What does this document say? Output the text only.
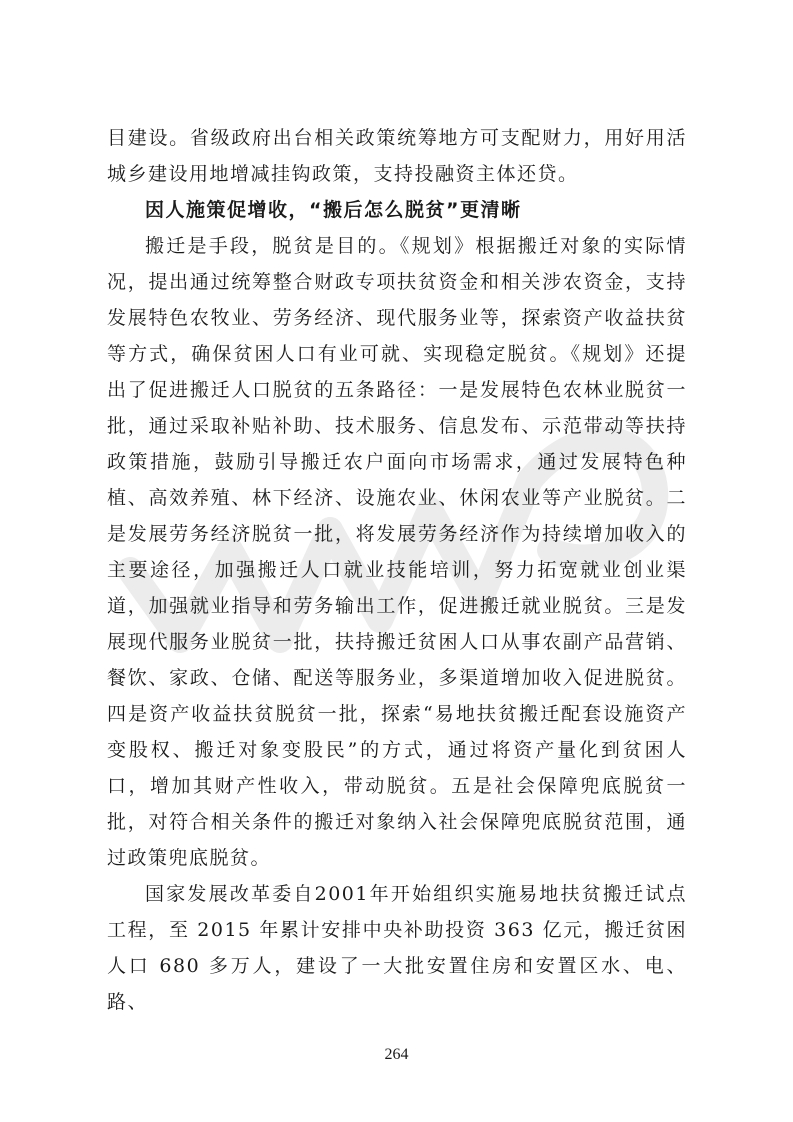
目建设。省级政府出台相关政策统筹地方可支配财力，用好用活城乡建设用地增减挂钩政策，支持投融资主体还贷。

因人施策促增收，“搬后怎么脱贫”更清晰

搬迁是手段，脱贫是目的。《规划》根据搬迁对象的实际情况，提出通过统筹整合财政专项扶贫资金和相关涉农资金，支持发展特色农牧业、劳务经济、现代服务业等，探索资产收益扶贫等方式，确保贫困人口有业可就、实现稳定脱贫。《规划》还提出了促进搬迁人口脱贫的五条路径：一是发展特色农林业脱贫一批，通过采取补贴补助、技术服务、信息发布、示范带动等扶持政策措施，鼓励引导搬迁农户面向市场需求，通过发展特色种植、高效养殖、林下经济、设施农业、休闲农业等产业脱贫。二是发展劳务经济脱贫一批，将发展劳务经济作为持续增加收入的主要途径，加强搬迁人口就业技能培训，努力拓宽就业创业渠道，加强就业指导和劳务输出工作，促进搬迁就业脱贫。三是发展现代服务业脱贫一批，扶持搬迁贫困人口从事农副产品营销、餐饮、家政、仓储、配送等服务业，多渠道增加收入促进脱贫。四是资产收益扶贫脱贫一批，探索“易地扶贫搬迁配套设施资产变股权、搬迁对象变股民”的方式，通过将资产量化到贫困人口，增加其财产性收入，带动脱贫。五是社会保障兜底脱贫一批，对符合相关条件的搬迁对象纳入社会保障兜底脱贫范围，通过政策兜底脱贫。

国家发展改革委自2001年开始组织实施易地扶贫搬迁试点工程，至 2015 年累计安排中央补助投资 363 亿元，搬迁贫困人口 680 多万人，建设了一大批安置住房和安置区水、电、路、

264
